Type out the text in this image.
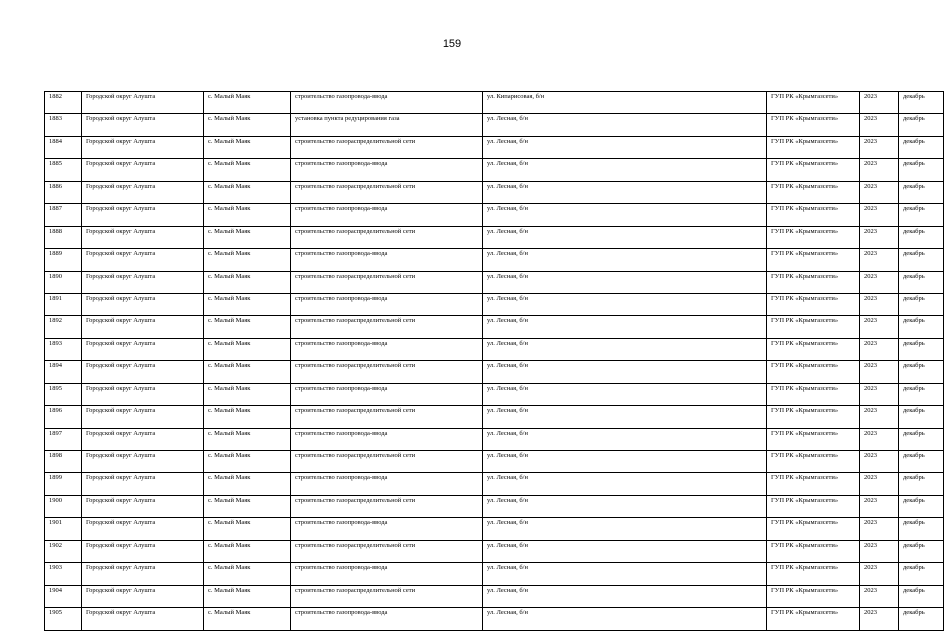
159
1882	Городской округ Алушта	с. Малый Маяк	строительство газопровода-ввода	ул. Кипарисовая, б/н	ГУП РК «Крымгазсети»	2023	декабрь
1883	Городской округ Алушта	с. Малый Маяк	установка пункта редуцирования газа	ул. Лесная, б/н	ГУП РК «Крымгазсети»	2023	декабрь
1884	Городской округ Алушта	с. Малый Маяк	строительство газораспределительной сети	ул. Лесная, б/н	ГУП РК «Крымгазсети»	2023	декабрь
1885	Городской округ Алушта	с. Малый Маяк	строительство газопровода-ввода	ул. Лесная, б/н	ГУП РК «Крымгазсети»	2023	декабрь
1886	Городской округ Алушта	с. Малый Маяк	строительство газораспределительной сети	ул. Лесная, б/н	ГУП РК «Крымгазсети»	2023	декабрь
1887	Городской округ Алушта	с. Малый Маяк	строительство газопровода-ввода	ул. Лесная, б/н	ГУП РК «Крымгазсети»	2023	декабрь
1888	Городской округ Алушта	с. Малый Маяк	строительство газораспределительной сети	ул. Лесная, б/н	ГУП РК «Крымгазсети»	2023	декабрь
1889	Городской округ Алушта	с. Малый Маяк	строительство газопровода-ввода	ул. Лесная, б/н	ГУП РК «Крымгазсети»	2023	декабрь
1890	Городской округ Алушта	с. Малый Маяк	строительство газораспределительной сети	ул. Лесная, б/н	ГУП РК «Крымгазсети»	2023	декабрь
1891	Городской округ Алушта	с. Малый Маяк	строительство газопровода-ввода	ул. Лесная, б/н	ГУП РК «Крымгазсети»	2023	декабрь
1892	Городской округ Алушта	с. Малый Маяк	строительство газораспределительной сети	ул. Лесная, б/н	ГУП РК «Крымгазсети»	2023	декабрь
1893	Городской округ Алушта	с. Малый Маяк	строительство газопровода-ввода	ул. Лесная, б/н	ГУП РК «Крымгазсети»	2023	декабрь
1894	Городской округ Алушта	с. Малый Маяк	строительство газораспределительной сети	ул. Лесная, б/н	ГУП РК «Крымгазсети»	2023	декабрь
1895	Городской округ Алушта	с. Малый Маяк	строительство газопровода-ввода	ул. Лесная, б/н	ГУП РК «Крымгазсети»	2023	декабрь
1896	Городской округ Алушта	с. Малый Маяк	строительство газораспределительной сети	ул. Лесная, б/н	ГУП РК «Крымгазсети»	2023	декабрь
1897	Городской округ Алушта	с. Малый Маяк	строительство газопровода-ввода	ул. Лесная, б/н	ГУП РК «Крымгазсети»	2023	декабрь
1898	Городской округ Алушта	с. Малый Маяк	строительство газораспределительной сети	ул. Лесная, б/н	ГУП РК «Крымгазсети»	2023	декабрь
1899	Городской округ Алушта	с. Малый Маяк	строительство газопровода-ввода	ул. Лесная, б/н	ГУП РК «Крымгазсети»	2023	декабрь
1900	Городской округ Алушта	с. Малый Маяк	строительство газораспределительной сети	ул. Лесная, б/н	ГУП РК «Крымгазсети»	2023	декабрь
1901	Городской округ Алушта	с. Малый Маяк	строительство газопровода-ввода	ул. Лесная, б/н	ГУП РК «Крымгазсети»	2023	декабрь
1902	Городской округ Алушта	с. Малый Маяк	строительство газораспределительной сети	ул. Лесная, б/н	ГУП РК «Крымгазсети»	2023	декабрь
1903	Городской округ Алушта	с. Малый Маяк	строительство газопровода-ввода	ул. Лесная, б/н	ГУП РК «Крымгазсети»	2023	декабрь
1904	Городской округ Алушта	с. Малый Маяк	строительство газораспределительной сети	ул. Лесная, б/н	ГУП РК «Крымгазсети»	2023	декабрь
1905	Городской округ Алушта	с. Малый Маяк	строительство газопровода-ввода	ул. Лесная, б/н	ГУП РК «Крымгазсети»	2023	декабрь
